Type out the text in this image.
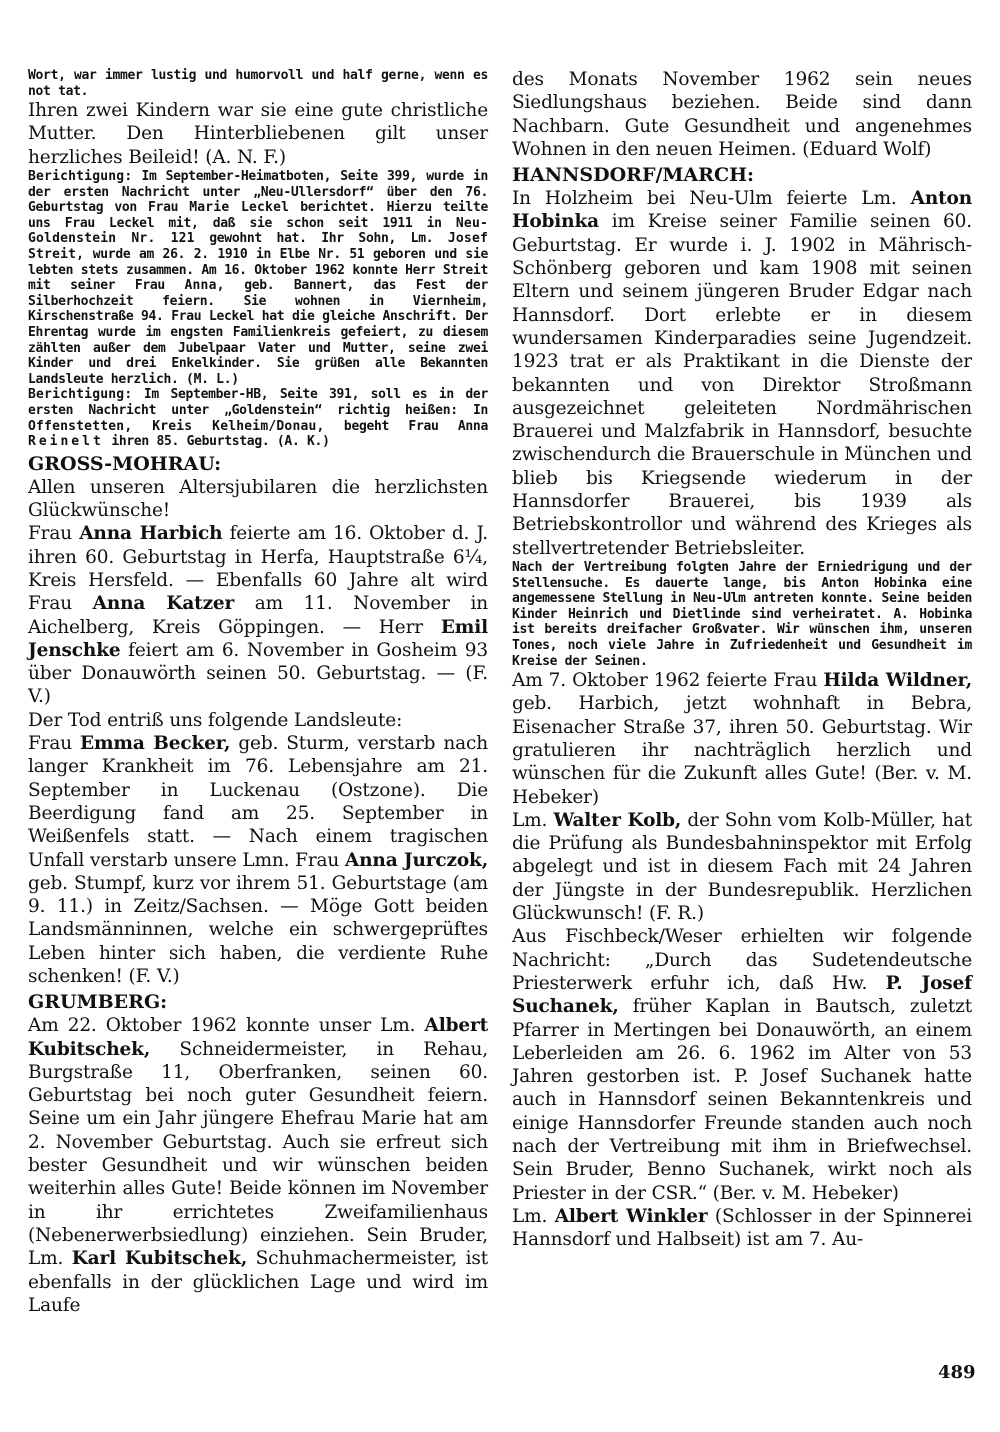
Wort, war immer lustig und humorvoll und half gerne, wenn es not tat.

Ihren zwei Kindern war sie eine gute christliche Mutter. Den Hinterbliebenen gilt unser herzliches Beileid! (A. N. F.)

Berichtigung: Im September-Heimatboten, Seite 399, wurde in der ersten Nachricht unter „Neu-Ullersdorf“ über den 76. Geburtstag von Frau Marie Leckel berichtet. Hierzu teilte uns Frau Leckel mit, daß sie schon seit 1911 in Neu-Goldenstein Nr. 121 gewohnt hat. Ihr Sohn, Lm. Josef Streit, wurde am 26. 2. 1910 in Elbe Nr. 51 geboren und sie lebten stets zusammen. Am 16. Oktober 1962 konnte Herr Streit mit seiner Frau Anna, geb. Bannert, das Fest der Silberhochzeit feiern. Sie wohnen in Viernheim, Kirschenstraße 94. Frau Leckel hat die gleiche Anschrift. Der Ehrentag wurde im engsten Familienkreis gefeiert, zu diesem zählten außer dem Jubelpaar Vater und Mutter, seine zwei Kinder und drei Enkelkinder. Sie grüßen alle Bekannten Landsleute herzlich. (M. L.)

Berichtigung: Im September-HB, Seite 391, soll es in der ersten Nachricht unter „Goldenstein“ richtig heißen: In Offenstetten, Kreis Kelheim/Donau, begeht Frau Anna Reinelt ihren 85. Geburtstag. (A. K.)

GROSS-MOHRAU:

Allen unseren Altersjubilaren die herzlichsten Glückwünsche!

Frau Anna Harbich feierte am 16. Oktober d. J. ihren 60. Geburtstag in Herfa, Hauptstraße 6¼, Kreis Hersfeld. — Ebenfalls 60 Jahre alt wird Frau Anna Katzer am 11. November in Aichelberg, Kreis Göppingen. — Herr Emil Jenschke feiert am 6. November in Gosheim 93 über Donauwörth seinen 50. Geburtstag. — (F. V.)

Der Tod entriß uns folgende Landsleute:

Frau Emma Becker, geb. Sturm, verstarb nach langer Krankheit im 76. Lebensjahre am 21. September in Luckenau (Ostzone). Die Beerdigung fand am 25. September in Weißenfels statt. — Nach einem tragischen Unfall verstarb unsere Lmn. Frau Anna Jurczok, geb. Stumpf, kurz vor ihrem 51. Geburtstage (am 9. 11.) in Zeitz/Sachsen. — Möge Gott beiden Landsmänninnen, welche ein schwergeprüftes Leben hinter sich haben, die verdiente Ruhe schenken! (F. V.)

GRUMBERG:

Am 22. Oktober 1962 konnte unser Lm. Albert Kubitschek, Schneidermeister, in Rehau, Burgstraße 11, Oberfranken, seinen 60. Geburtstag bei noch guter Gesundheit feiern. Seine um ein Jahr jüngere Ehefrau Marie hat am 2. November Geburtstag. Auch sie erfreut sich bester Gesundheit und wir wünschen beiden weiterhin alles Gute! Beide können im November in ihr errichtetes Zweifamilienhaus (Nebenerwerbsiedlung) einziehen. Sein Bruder, Lm. Karl Kubitschek, Schuhmachermeister, ist ebenfalls in der glücklichen Lage und wird im Laufe

des Monats November 1962 sein neues Siedlungshaus beziehen. Beide sind dann Nachbarn. Gute Gesundheit und angenehmes Wohnen in den neuen Heimen. (Eduard Wolf)

HANNSDORF/MARCH:

In Holzheim bei Neu-Ulm feierte Lm. Anton Hobinka im Kreise seiner Familie seinen 60. Geburtstag. Er wurde i. J. 1902 in Mährisch-Schönberg geboren und kam 1908 mit seinen Eltern und seinem jüngeren Bruder Edgar nach Hannsdorf. Dort erlebte er in diesem wundersamen Kinderparadies seine Jugendzeit. 1923 trat er als Praktikant in die Dienste der bekannten und von Direktor Stroßmann ausgezeichnet geleiteten Nordmährischen Brauerei und Malzfabrik in Hannsdorf, besuchte zwischendurch die Brauerschule in München und blieb bis Kriegsende wiederum in der Hannsdorfer Brauerei, bis 1939 als Betriebskontrollor und während des Krieges als stellvertretender Betriebsleiter.

Nach der Vertreibung folgten Jahre der Erniedrigung und der Stellensuche. Es dauerte lange, bis Anton Hobinka eine angemessene Stellung in Neu-Ulm antreten konnte. Seine beiden Kinder Heinrich und Dietlinde sind verheiratet. A. Hobinka ist bereits dreifacher Großvater. Wir wünschen ihm, unseren Tones, noch viele Jahre in Zufriedenheit und Gesundheit im Kreise der Seinen.

Am 7. Oktober 1962 feierte Frau Hilda Wildner, geb. Harbich, jetzt wohnhaft in Bebra, Eisenacher Straße 37, ihren 50. Geburtstag. Wir gratulieren ihr nachträglich herzlich und wünschen für die Zukunft alles Gute! (Ber. v. M. Hebeker)

Lm. Walter Kolb, der Sohn vom Kolb-Müller, hat die Prüfung als Bundesbahninspektor mit Erfolg abgelegt und ist in diesem Fach mit 24 Jahren der Jüngste in der Bundesrepublik. Herzlichen Glückwunsch! (F. R.)

Aus Fischbeck/Weser erhielten wir folgende Nachricht: „Durch das Sudetendeutsche Priesterwerk erfuhr ich, daß Hw. P. Josef Suchanek, früher Kaplan in Bautsch, zuletzt Pfarrer in Mertingen bei Donauwörth, an einem Leberleiden am 26. 6. 1962 im Alter von 53 Jahren gestorben ist. P. Josef Suchanek hatte auch in Hannsdorf seinen Bekanntenkreis und einige Hannsdorfer Freunde standen auch noch nach der Vertreibung mit ihm in Briefwechsel. Sein Bruder, Benno Suchanek, wirkt noch als Priester in der CSR.“ (Ber. v. M. Hebeker)

Lm. Albert Winkler (Schlosser in der Spinnerei Hannsdorf und Halbseit) ist am 7. Au-

489
